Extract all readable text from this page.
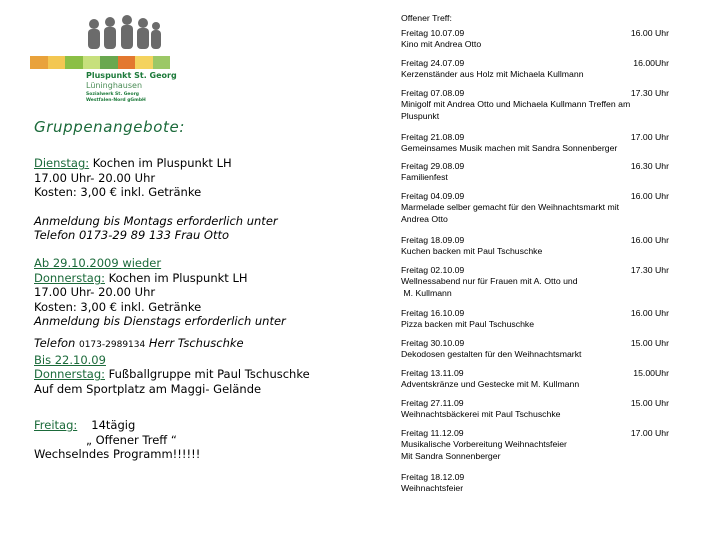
Pluspunkt St. Georg
Lüninghausen
Sozialwerk St. Georg
Westfalen-Nord gGmbH
Gruppenangebote:
Dienstag: Kochen im Pluspunkt LH
17.00 Uhr- 20.00 Uhr
Kosten: 3,00 € inkl. Getränke
Anmeldung bis Montags erforderlich unter
Telefon 0173-29 89 133 Frau Otto
Ab 29.10.2009 wieder
Donnerstag: Kochen im Pluspunkt LH
17.00 Uhr- 20.00 Uhr
Kosten: 3,00 € inkl. Getränke
Anmeldung bis Dienstags erforderlich unter
Telefon 0173-2989134 Herr Tschuschke
Bis 22.10.09
Donnerstag: Fußballgruppe mit Paul Tschuschke
Auf dem Sportplatz am Maggi- Gelände
Freitag: 14tägig
„ Offener Treff “
Wechselndes Programm!!!!!!
Offener Treff:
Freitag 10.07.09	16.00 Uhr
Kino mit Andrea Otto
Freitag 24.07.09	16.00Uhr
Kerzenständer aus Holz mit Michaela Kullmann
Freitag 07.08.09	17.30 Uhr
Minigolf mit Andrea Otto und Michaela Kullmann Treffen am
Pluspunkt
Freitag 21.08.09	17.00 Uhr
Gemeinsames Musik machen mit Sandra Sonnenberger
Freitag 29.08.09	16.30 Uhr
Familienfest
Freitag 04.09.09	16.00 Uhr
Marmelade selber gemacht für den Weihnachtsmarkt mit
Andrea Otto
Freitag 18.09.09	16.00 Uhr
Kuchen backen mit Paul Tschuschke
Freitag 02.10.09	17.30 Uhr
Wellnessabend nur für Frauen mit A. Otto und
M. Kullmann
Freitag 16.10.09	16.00 Uhr
Pizza backen mit Paul Tschuschke
Freitag 30.10.09	15.00 Uhr
Dekodosen gestalten für den Weihnachtsmarkt
Freitag 13.11.09	15.00Uhr
Adventskränze und Gestecke mit M. Kullmann
Freitag 27.11.09	15.00 Uhr
Weihnachtsbäckerei mit Paul Tschuschke
Freitag 11.12.09	17.00 Uhr
Musikalische Vorbereitung Weihnachtsfeier
Mit Sandra Sonnenberger
Freitag 18.12.09
Weihnachtsfeier
